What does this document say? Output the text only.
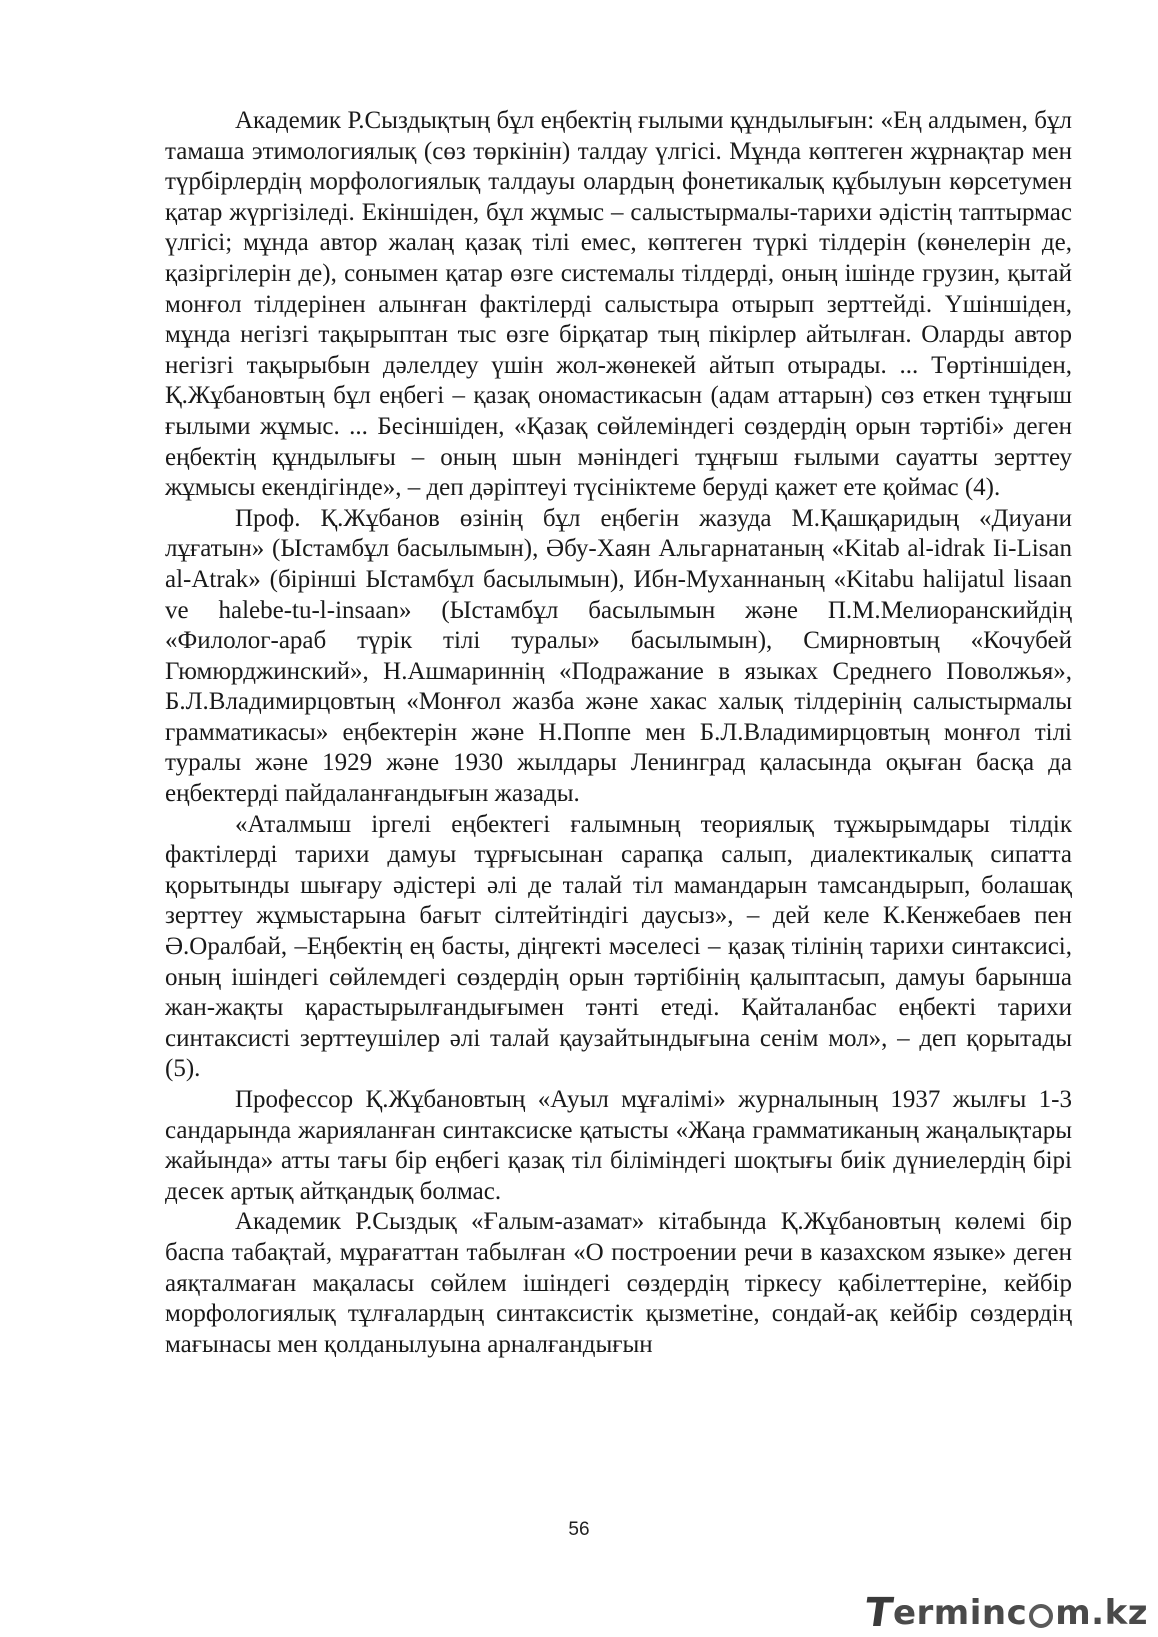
Академик Р.Сыздықтың бұл еңбектің ғылыми құндылығын: «Ең алдымен, бұл тамаша этимологиялық (сөз төркінін) талдау үлгісі. Мұнда көптеген жұрнақтар мен түрбірлердің морфологиялық талдауы олардың фонетикалық құбылуын көрсетумен қатар жүргізіледі. Екіншіден, бұл жұмыс – салыстырмалы-тарихи әдістің таптырмас үлгісі; мұнда автор жалаң қазақ тілі емес, көптеген түркі тілдерін (көнелерін де, қазіргілерін де), сонымен қатар өзге системалы тілдерді, оның ішінде грузин, қытай монғол тілдерінен алынған фактілерді салыстыра отырып зерттейді. Үшіншіден, мұнда негізгі тақырыптан тыс өзге бірқатар тың пікірлер айтылған. Оларды автор негізгі тақырыбын дәлелдеу үшін жол-жөнекей айтып отырады. ... Төртіншіден, Қ.Жұбановтың бұл еңбегі – қазақ ономастикасын (адам аттарын) сөз еткен тұңғыш ғылыми жұмыс. ... Бесіншіден, «Қазақ сөйлеміндегі сөздердің орын тәртібі» деген еңбектің құндылығы – оның шын мәніндегі тұңғыш ғылыми сауатты зерттеу жұмысы екендігінде», – деп дәріптеуі түсініктеме беруді қажет ете қоймас (4).

Проф. Қ.Жұбанов өзінің бұл еңбегін жазуда М.Қашқаридың «Диуани лұғатын» (Ыстамбұл басылымын), Әбу-Хаян Альгарнатаның «Kitab al-idrak Ii-Lisan al-Atrak» (бірінші Ыстамбұл басылымын), Ибн-Муханнаның «Kitabu halijatul lisaan ve halebe-tu-l-insaan» (Ыстамбұл басылымын және П.М.Мелиоранскийдің «Филолог-араб түрік тілі туралы» басылымын), Смирновтың «Кочубей Гюмюрджинский», Н.Ашмариннің «Подражание в языках Среднего Поволжья», Б.Л.Владимирцовтың «Монғол жазба және хакас халық тілдерінің салыстырмалы грамматикасы» еңбектерін және Н.Поппе мен Б.Л.Владимирцовтың монғол тілі туралы және 1929 және 1930 жылдары Ленинград қаласында оқыған басқа да еңбектерді пайдаланғандығын жазады.

«Аталмыш іргелі еңбектегі ғалымның теориялық тұжырымдары тілдік фактілерді тарихи дамуы тұрғысынан сарапқа салып, диалектикалық сипатта қорытынды шығару әдістері әлі де талай тіл мамандарын тамсандырып, болашақ зерттеу жұмыстарына бағыт сілтейтіндігі даусыз», – дей келе К.Кенжебаев пен Ә.Оралбай, ‒Еңбектің ең басты, діңгекті мәселесі – қазақ тілінің тарихи синтаксисі, оның ішіндегі сөйлемдегі сөздердің орын тәртібінің қалыптасып, дамуы барынша жан-жақты қарастырылғандығымен тәнті етеді. Қайталанбас еңбекті тарихи синтаксисті зерттеушілер әлі талай қаузайтындығына сенім мол», – деп қорытады (5).

Профессор Қ.Жұбановтың «Ауыл мұғалімі» журналының 1937 жылғы 1-3 сандарында жарияланған синтаксиске қатысты «Жаңа грамматиканың жаңалықтары жайында» атты тағы бір еңбегі қазақ тіл біліміндегі шоқтығы биік дүниелердің бірі десек артық айтқандық болмас.

Академик Р.Сыздық «Ғалым-азамат» кітабында Қ.Жұбановтың көлемі бір баспа табақтай, мұрағаттан табылған «О построении речи в казахском языке» деген аяқталмаған мақаласы сөйлем ішіндегі сөздердің тіркесу қабілеттеріне, кейбір морфологиялық тұлғалардың синтаксистік қызметіне, сондай-ақ кейбір сөздердің мағынасы мен қолданылуына арналғандығын

56
T
erminc m.kz
